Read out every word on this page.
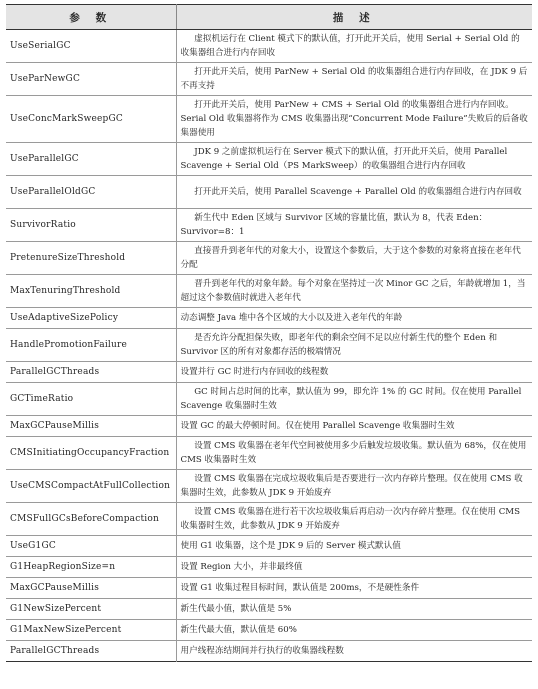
参 数	描 述
UseSerialGC	虚拟机运行在 Client 模式下的默认值，打开此开关后，使用 Serial + Serial Old 的收集器组合进行内存回收
UseParNewGC	打开此开关后，使用 ParNew + Serial Old 的收集器组合进行内存回收，在 JDK 9 后不再支持
UseConcMarkSweepGC	打开此开关后，使用 ParNew + CMS + Serial Old 的收集器组合进行内存回收。Serial Old 收集器将作为 CMS 收集器出现“Concurrent Mode Failure”失败后的后备收集器使用
UseParallelGC	JDK 9 之前虚拟机运行在 Server 模式下的默认值，打开此开关后，使用 Parallel Scavenge + Serial Old（PS MarkSweep）的收集器组合进行内存回收
UseParallelOldGC	打开此开关后，使用 Parallel Scavenge + Parallel Old 的收集器组合进行内存回收
SurvivorRatio	新生代中 Eden 区域与 Survivor 区域的容量比值，默认为 8，代表 Eden：Survivor=8：1
PretenureSizeThreshold	直接晋升到老年代的对象大小，设置这个参数后，大于这个参数的对象将直接在老年代分配
MaxTenuringThreshold	晋升到老年代的对象年龄。每个对象在坚持过一次 Minor GC 之后，年龄就增加 1，当超过这个参数值时就进入老年代
UseAdaptiveSizePolicy	动态调整 Java 堆中各个区域的大小以及进入老年代的年龄
HandlePromotionFailure	是否允许分配担保失败，即老年代的剩余空间不足以应付新生代的整个 Eden 和 Survivor 区的所有对象都存活的极端情况
ParallelGCThreads	设置并行 GC 时进行内存回收的线程数
GCTimeRatio	GC 时间占总时间的比率，默认值为 99，即允许 1% 的 GC 时间。仅在使用 Parallel Scavenge 收集器时生效
MaxGCPauseMillis	设置 GC 的最大停顿时间。仅在使用 Parallel Scavenge 收集器时生效
CMSInitiatingOccupancyFraction	设置 CMS 收集器在老年代空间被使用多少后触发垃圾收集。默认值为 68%，仅在使用 CMS 收集器时生效
UseCMSCompactAtFullCollection	设置 CMS 收集器在完成垃圾收集后是否要进行一次内存碎片整理。仅在使用 CMS 收集器时生效，此参数从 JDK 9 开始废弃
CMSFullGCsBeforeCompaction	设置 CMS 收集器在进行若干次垃圾收集后再启动一次内存碎片整理。仅在使用 CMS 收集器时生效，此参数从 JDK 9 开始废弃
UseG1GC	使用 G1 收集器，这个是 JDK 9 后的 Server 模式默认值
G1HeapRegionSize=n	设置 Region 大小，并非最终值
MaxGCPauseMillis	设置 G1 收集过程目标时间，默认值是 200ms，不是硬性条件
G1NewSizePercent	新生代最小值，默认值是 5%
G1MaxNewSizePercent	新生代最大值，默认值是 60%
ParallelGCThreads	用户线程冻结期间并行执行的收集器线程数
